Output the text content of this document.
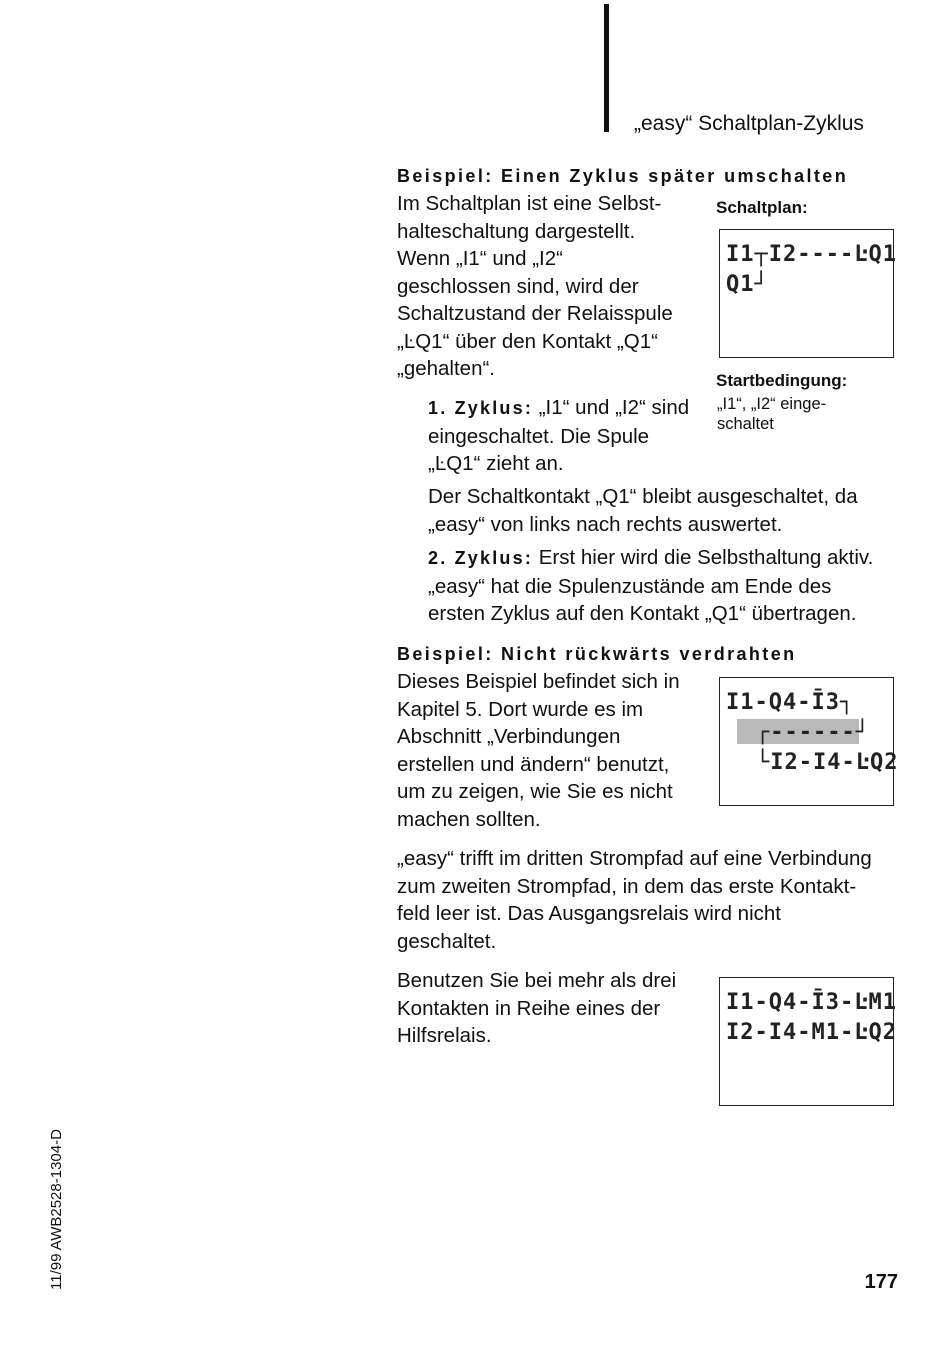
„easy“ Schaltplan-Zyklus
Beispiel: Einen Zyklus später umschalten

Im Schaltplan ist eine Selbst-

halteschaltung dargestellt.

Wenn „I1“ und „I2“

geschlossen sind, wird der

Schaltzustand der Relaisspule

„ĿQ1“ über den Kontakt „Q1“

„gehalten“.

1. Zyklus: „I1“ und „I2“ sind

eingeschaltet. Die Spule

„ĿQ1“ zieht an.

Der Schaltkontakt „Q1“ bleibt ausgeschaltet, da

„easy“ von links nach rechts auswertet.

2. Zyklus: Erst hier wird die Selbsthaltung aktiv.

„easy“ hat die Spulenzustände am Ende des

ersten Zyklus auf den Kontakt „Q1“ übertragen.

Schaltplan:
I1┬I2----ĿQ1
Q1┘
Startbedingung:
„I1“, „I2“ einge-
schaltet
Beispiel: Nicht rückwärts verdrahten

Dieses Beispiel befindet sich in

Kapitel 5. Dort wurde es im

Abschnitt „Verbindungen

erstellen und ändern“ benutzt,

um zu zeigen, wie Sie es nicht

machen sollten.

I1-Q4-Ī3┐
┌------┘
└I2-I4-ĿQ2

„easy“ trifft im dritten Strompfad auf eine Verbindung

zum zweiten Strompfad, in dem das erste Kontakt-

feld leer ist. Das Ausgangsrelais wird nicht

geschaltet.

Benutzen Sie bei mehr als drei

Kontakten in Reihe eines der

Hilfsrelais.

I1-Q4-Ī3-ĿM1
I2-I4-M1-ĿQ2
11/99 AWB2528-1304-D	177
